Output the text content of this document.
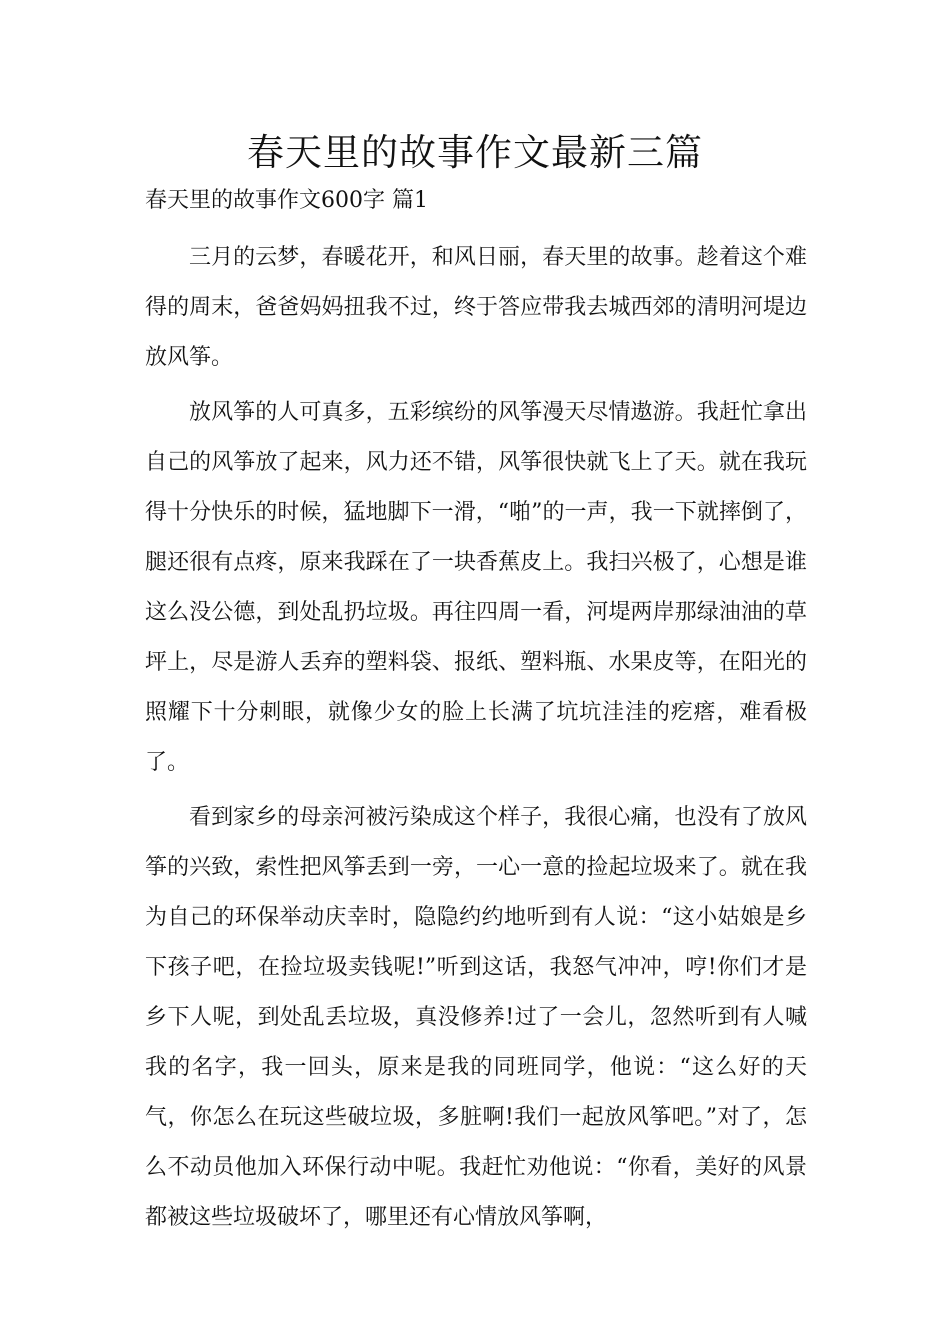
春天里的故事作文最新三篇

春天里的故事作文600字 篇1

三月的云梦，春暖花开，和风日丽，春天里的故事。趁着这个难得的周末，爸爸妈妈扭我不过，终于答应带我去城西郊的清明河堤边放风筝。

放风筝的人可真多，五彩缤纷的风筝漫天尽情遨游。我赶忙拿出自己的风筝放了起来，风力还不错，风筝很快就飞上了天。就在我玩得十分快乐的时候，猛地脚下一滑，“啪”的一声，我一下就摔倒了，腿还很有点疼，原来我踩在了一块香蕉皮上。我扫兴极了，心想是谁这么没公德，到处乱扔垃圾。再往四周一看，河堤两岸那绿油油的草坪上，尽是游人丢弃的塑料袋、报纸、塑料瓶、水果皮等，在阳光的照耀下十分刺眼，就像少女的脸上长满了坑坑洼洼的疙瘩，难看极了。

看到家乡的母亲河被污染成这个样子，我很心痛，也没有了放风筝的兴致，索性把风筝丢到一旁，一心一意的捡起垃圾来了。就在我为自己的环保举动庆幸时，隐隐约约地听到有人说：“这小姑娘是乡下孩子吧，在捡垃圾卖钱呢!”听到这话，我怒气冲冲，哼!你们才是乡下人呢，到处乱丢垃圾，真没修养!过了一会儿，忽然听到有人喊我的名字，我一回头，原来是我的同班同学，他说：“这么好的天气，你怎么在玩这些破垃圾，多脏啊!我们一起放风筝吧。”对了，怎么不动员他加入环保行动中呢。我赶忙劝他说：“你看，美好的风景都被这些垃圾破坏了，哪里还有心情放风筝啊，
